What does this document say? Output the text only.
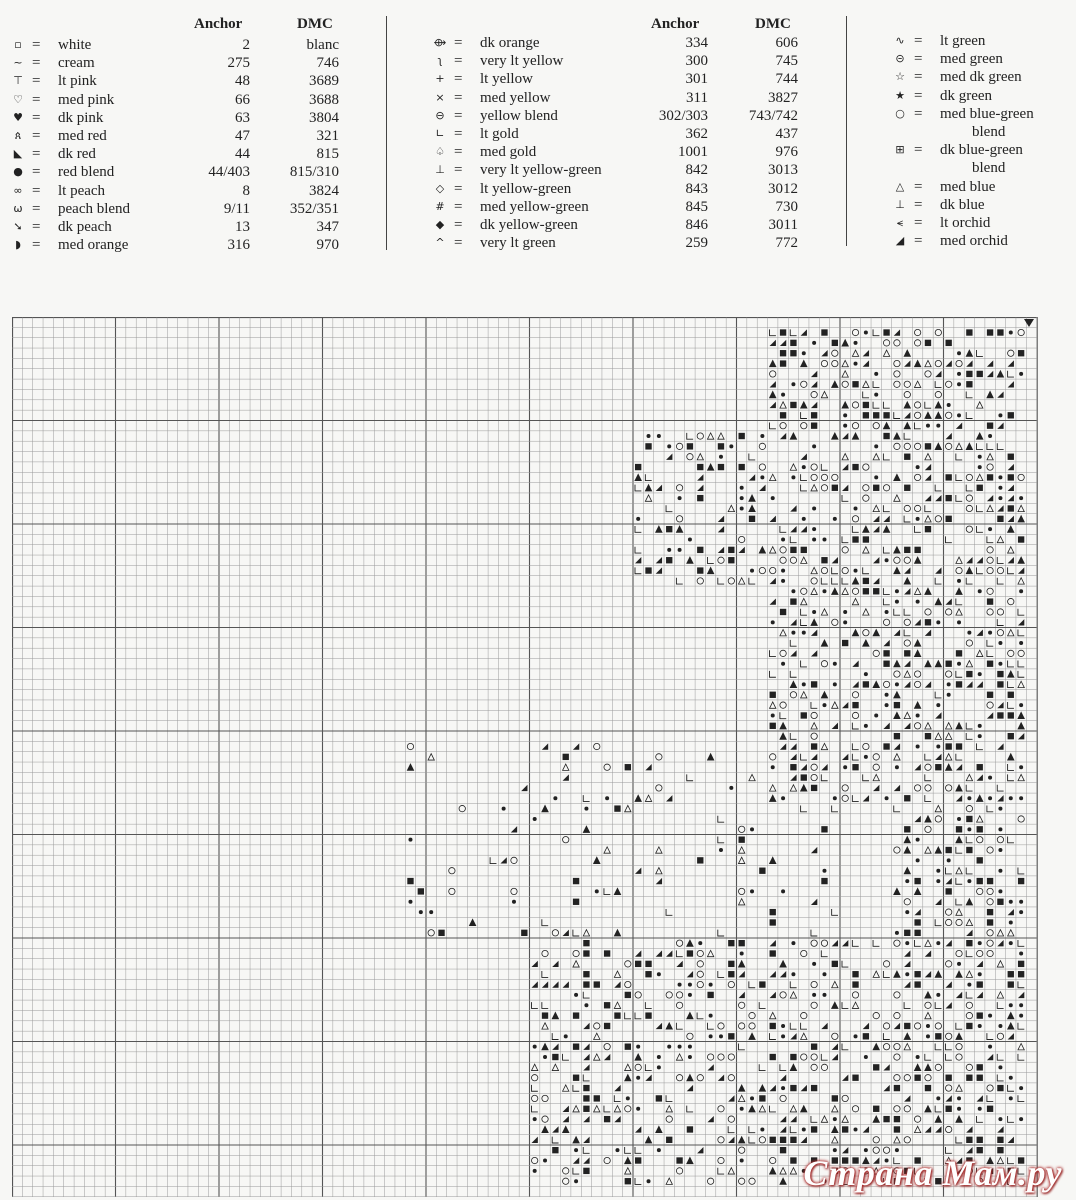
Anchor	DMC	Anchor	DMC
▫ = white	2	blanc
~ = cream	275	746
⊤ = lt pink	48	3689
♡ = med pink	66	3688
♥ = dk pink	63	3804
ጰ = med red	47	321
◣ = dk red	44	815
● = red blend	44/403	815/310
∞ = lt peach	8	3824
ω = peach blend	9/11	352/351
➘ = dk peach	13	347
◗ = med orange	316	970
⟴ = dk orange	334	606
ʅ = very lt yellow	300	745
+ = lt yellow	301	744
× = med yellow	311	3827
⊖ = yellow blend	302/303	743/742
∟ = lt gold	362	437
♤ = med gold	1001	976
⊥ = very lt yellow-green	842	3013
◇ = lt yellow-green	843	3012
# = med yellow-green	845	730
◆ = dk yellow-green	846	3011
^ = very lt green	259	772
∿ = lt green
⊝ = med green
☆ = med dk green
★ = dk green
○ = med blue-green
blend
⊞ = dk blue-green
blend
△ = med blue
⊥ = dk blue
⪪ = lt orchid
◢ = med orchid
Страна Мам.ру
